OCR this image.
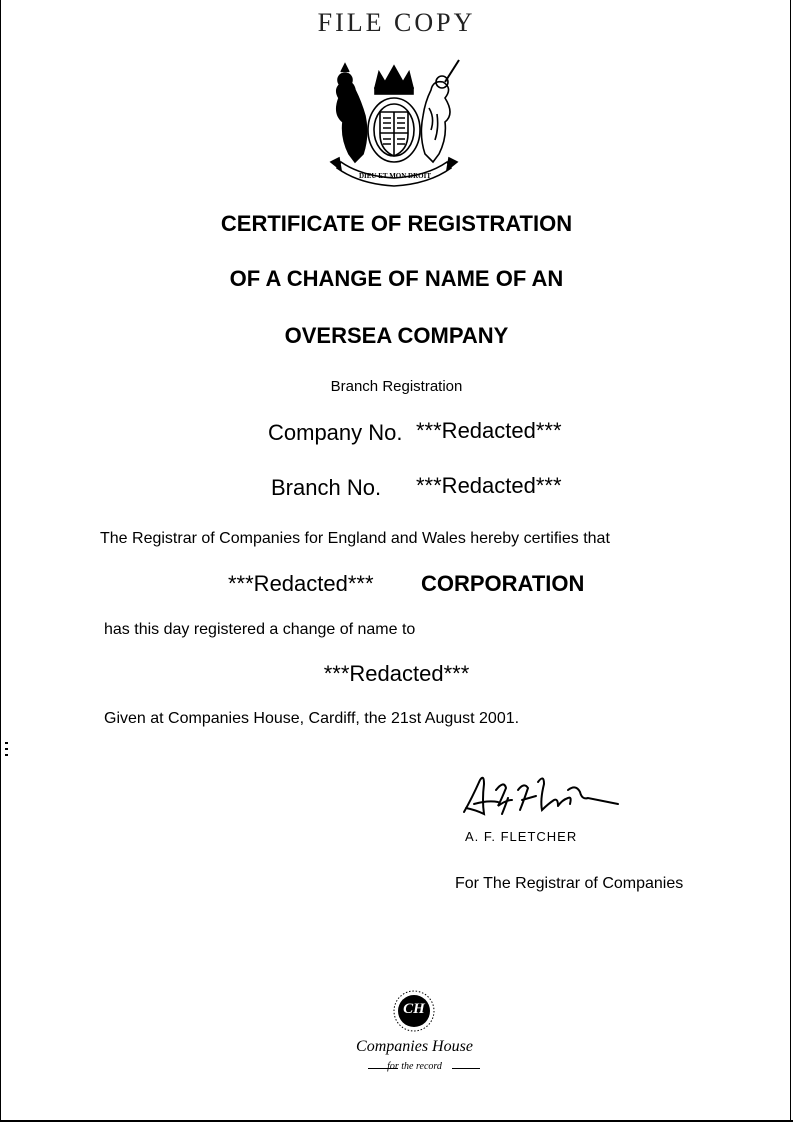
FILE COPY
DIEU ET MON DROIT
CERTIFICATE OF REGISTRATION
OF A CHANGE OF NAME OF AN
OVERSEA COMPANY
Branch Registration
Company No. ***Redacted***
Branch No. ***Redacted***
The Registrar of Companies for England and Wales hereby certifies that
***Redacted*** CORPORATION
has this day registered a change of name to
***Redacted***
Given at Companies House, Cardiff, the 21st August 2001.
A. F. FLETCHER
For The Registrar of Companies
CH
Companies House
for the record
